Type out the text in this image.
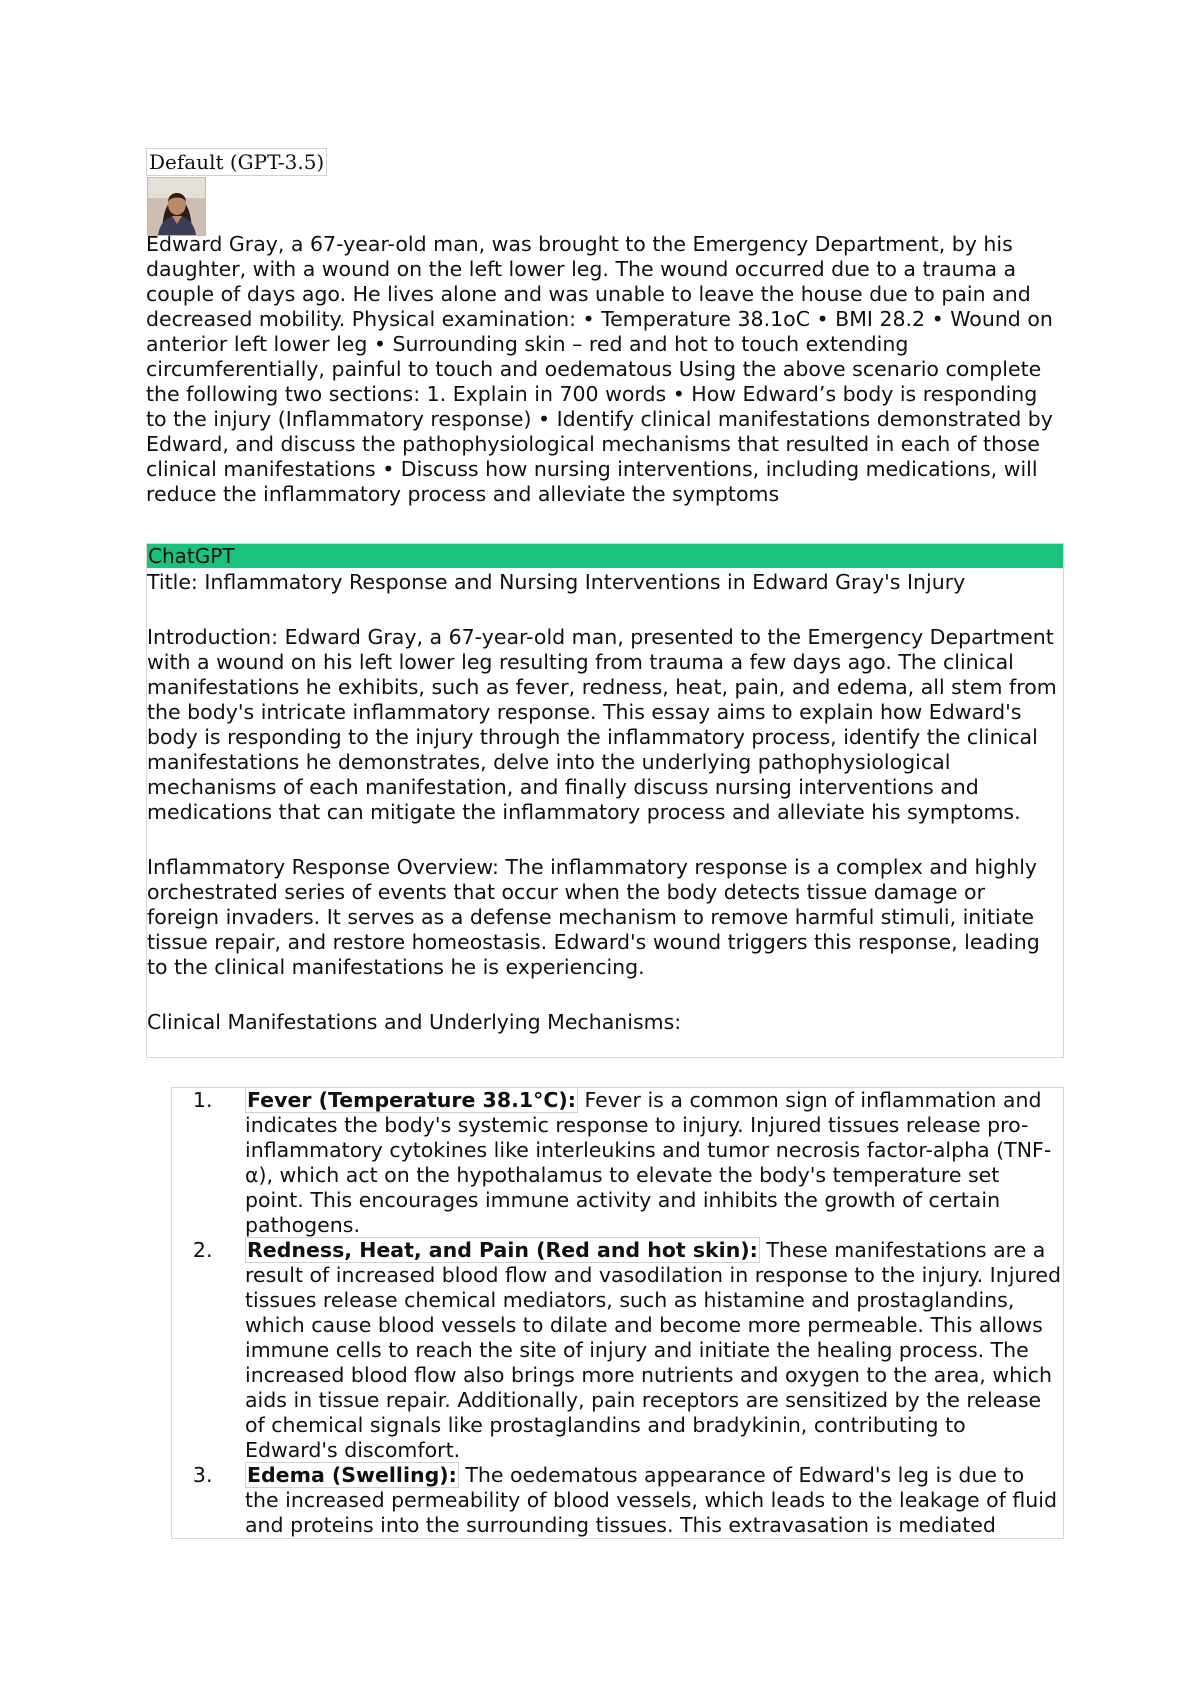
Default (GPT-3.5)

Edward Gray, a 67-year-old man, was brought to the Emergency Department, by his daughter, with a wound on the left lower leg. The wound occurred due to a trauma a couple of days ago. He lives alone and was unable to leave the house due to pain and decreased mobility. Physical examination: • Temperature 38.1oC • BMI 28.2 • Wound on anterior left lower leg • Surrounding skin – red and hot to touch extending circumferentially, painful to touch and oedematous Using the above scenario complete the following two sections: 1. Explain in 700 words • How Edward’s body is responding to the injury (Inflammatory response) • Identify clinical manifestations demonstrated by Edward, and discuss the pathophysiological mechanisms that resulted in each of those clinical manifestations • Discuss how nursing interventions, including medications, will reduce the inflammatory process and alleviate the symptoms

ChatGPT

Title: Inflammatory Response and Nursing Interventions in Edward Gray's Injury

Introduction: Edward Gray, a 67-year-old man, presented to the Emergency Department with a wound on his left lower leg resulting from trauma a few days ago. The clinical manifestations he exhibits, such as fever, redness, heat, pain, and edema, all stem from the body's intricate inflammatory response. This essay aims to explain how Edward's body is responding to the injury through the inflammatory process, identify the clinical manifestations he demonstrates, delve into the underlying pathophysiological mechanisms of each manifestation, and finally discuss nursing interventions and medications that can mitigate the inflammatory process and alleviate his symptoms.

Inflammatory Response Overview: The inflammatory response is a complex and highly orchestrated series of events that occur when the body detects tissue damage or foreign invaders. It serves as a defense mechanism to remove harmful stimuli, initiate tissue repair, and restore homeostasis. Edward's wound triggers this response, leading to the clinical manifestations he is experiencing.

Clinical Manifestations and Underlying Mechanisms:

1. Fever (Temperature 38.1°C): Fever is a common sign of inflammation and indicates the body's systemic response to injury. Injured tissues release pro-inflammatory cytokines like interleukins and tumor necrosis factor-alpha (TNF-α), which act on the hypothalamus to elevate the body's temperature set point. This encourages immune activity and inhibits the growth of certain pathogens.
2. Redness, Heat, and Pain (Red and hot skin): These manifestations are a result of increased blood flow and vasodilation in response to the injury. Injured tissues release chemical mediators, such as histamine and prostaglandins, which cause blood vessels to dilate and become more permeable. This allows immune cells to reach the site of injury and initiate the healing process. The increased blood flow also brings more nutrients and oxygen to the area, which aids in tissue repair. Additionally, pain receptors are sensitized by the release of chemical signals like prostaglandins and bradykinin, contributing to Edward's discomfort.
3. Edema (Swelling): The oedematous appearance of Edward's leg is due to the increased permeability of blood vessels, which leads to the leakage of fluid and proteins into the surrounding tissues. This extravasation is mediated
